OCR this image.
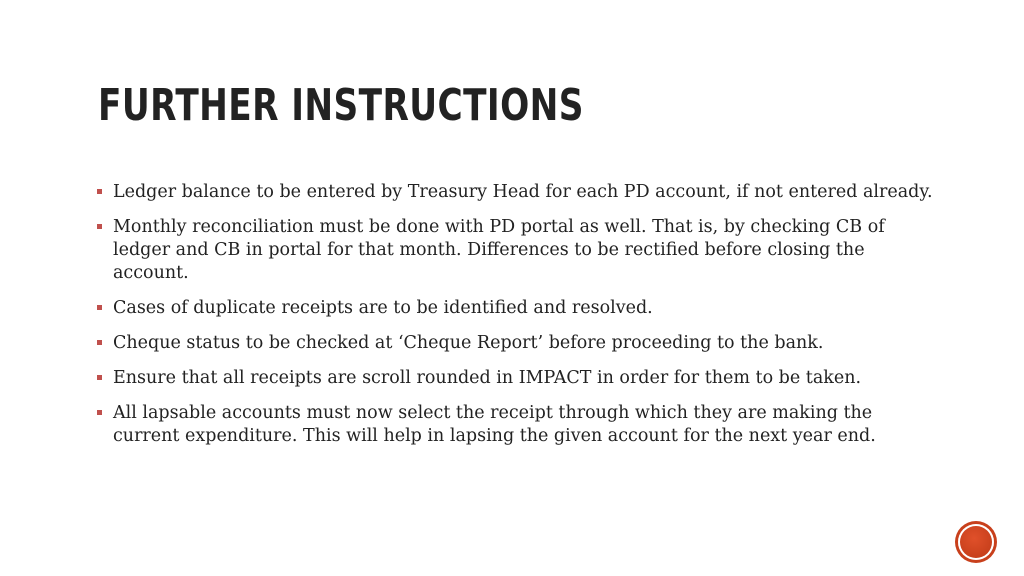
FURTHER INSTRUCTIONS
Ledger balance to be entered by Treasury Head for each PD account, if not entered already.
Monthly reconciliation must be done with PD portal as well. That is, by checking CB of ledger and CB in portal for that month. Differences to be rectified before closing the account.
Cases of duplicate receipts are to be identified and resolved.
Cheque status to be checked at ‘Cheque Report’ before proceeding to the bank.
Ensure that all receipts are scroll rounded in IMPACT in order for them to be taken.
All lapsable accounts must now select the receipt through which they are making the current expenditure. This will help in lapsing the given account for the next year end.
